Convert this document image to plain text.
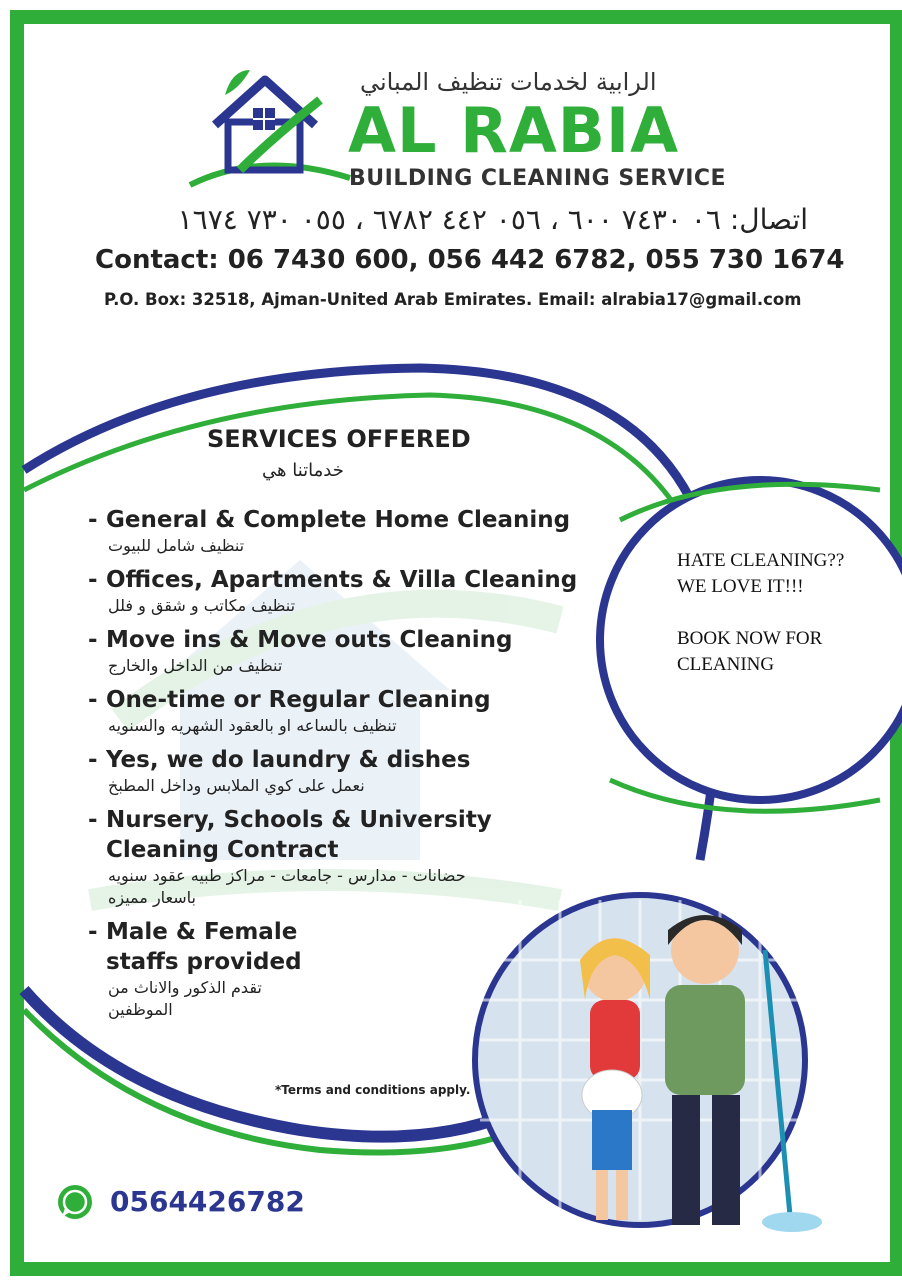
الرابية لخدمات تنظيف المباني
AL RABIA
BUILDING CLEANING SERVICE
اتصال: ٠٦ ٧٤٣٠ ٦٠٠ ، ٠٥٦ ٤٤٢ ٦٧٨٢ ، ٠٥٥ ٧٣٠ ١٦٧٤
Contact: 06 7430 600, 056 442 6782, 055 730 1674
P.O. Box: 32518, Ajman-United Arab Emirates. Email: alrabia17@gmail.com
SERVICES OFFERED
خدماتنا هي
- General & Complete Home Cleaning
تنظيف شامل للبيوت
- Offices, Apartments & Villa Cleaning
تنظيف مكاتب و شقق و فلل
- Move ins & Move outs Cleaning
تنظيف من الداخل والخارج
- One-time or Regular Cleaning
تنظيف بالساعه او بالعقود الشهريه والسنويه
- Yes, we do laundry & dishes
نعمل على كوي الملابس وداخل المطبخ
- Nursery, Schools & University Cleaning Contract
حضانات - مدارس - جامعات - مراكز طبيه عقود سنويه باسعار مميزه
- Male & Female staffs provided
تقدم الذكور والاناث من الموظفين
*Terms and conditions apply.
HATE CLEANING?? WE LOVE IT!!!
BOOK NOW FOR CLEANING
0564426782
